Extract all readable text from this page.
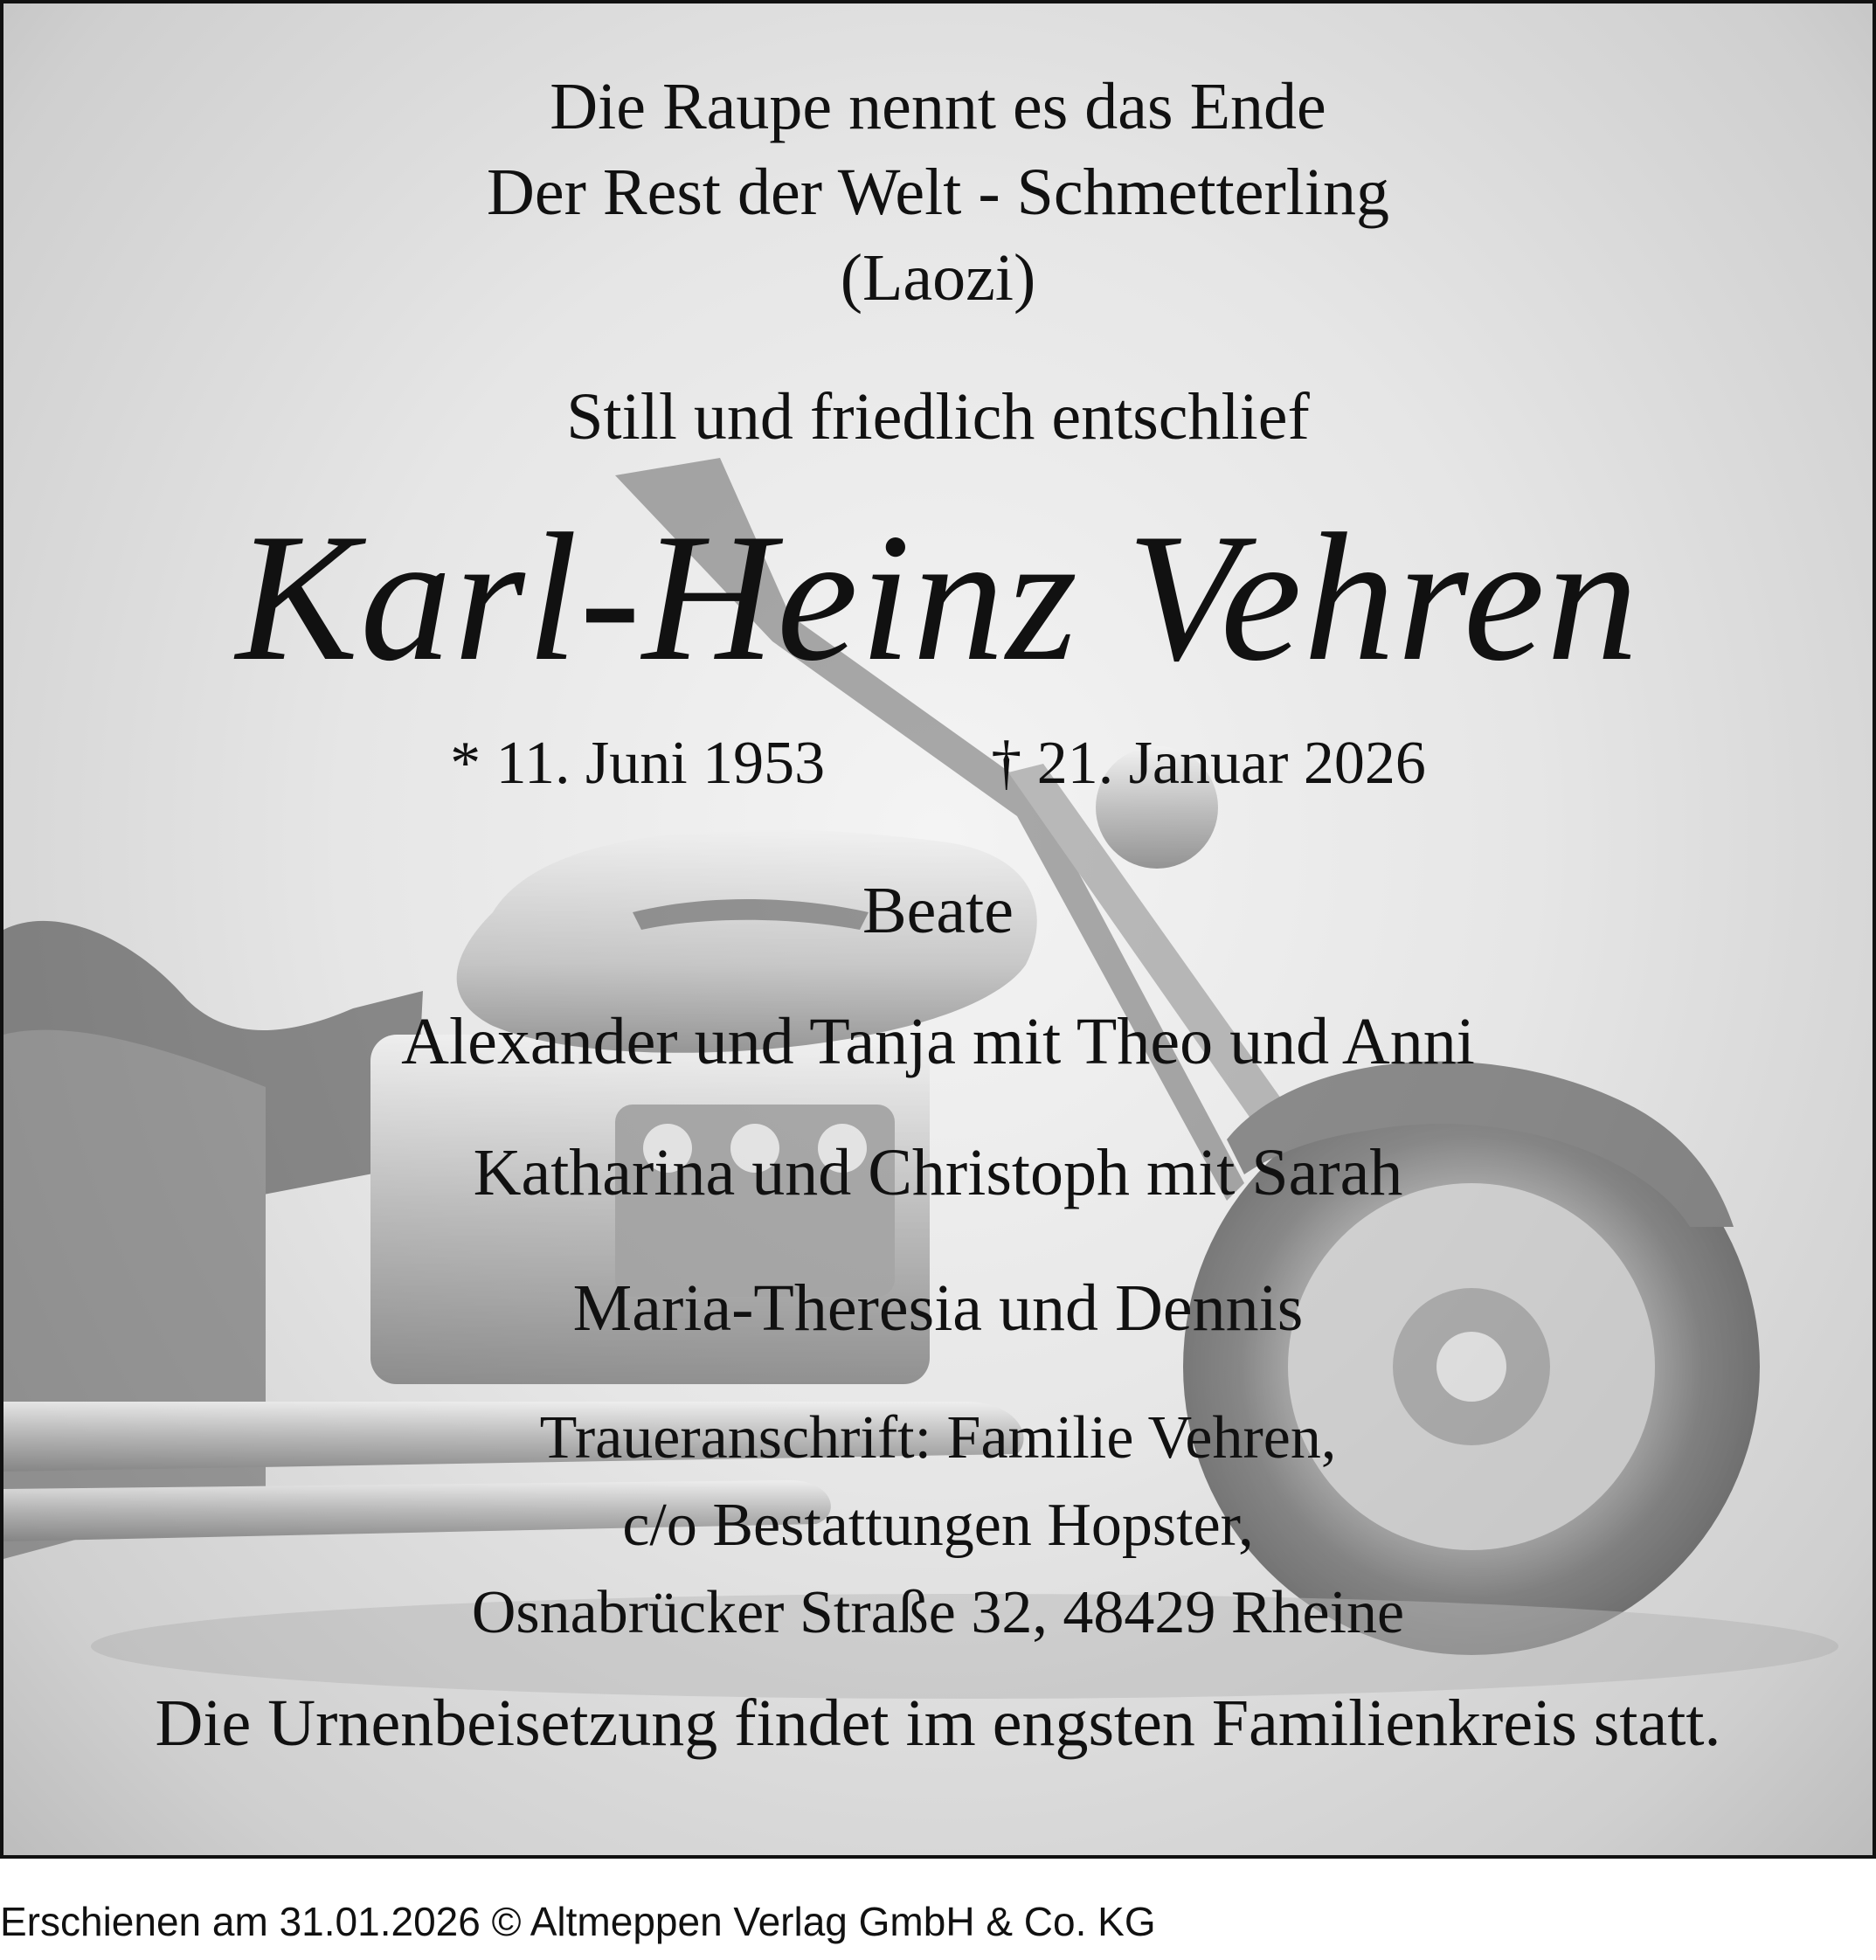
Die Raupe nennt es das Ende
Der Rest der Welt - Schmetterling
(Laozi)
Still und friedlich entschlief
Karl-Heinz Vehren
* 11. Juni 1953	† 21. Januar 2026
Beate
Alexander und Tanja mit Theo und Anni
Katharina und Christoph mit Sarah
Maria-Theresia und Dennis
Traueranschrift: Familie Vehren,
c/o Bestattungen Hopster,
Osnabrücker Straße 32, 48429 Rheine
Die Urnenbeisetzung findet im engsten Familienkreis statt.
Erschienen am 31.01.2026 © Altmeppen Verlag GmbH & Co. KG
